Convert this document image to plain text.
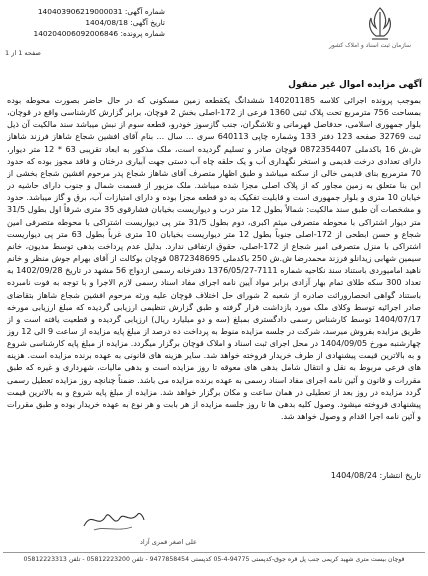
شماره آگهی: 140403906219000031
تاریخ آگهی: 1404/08/18
شماره پرونده: 140204006092006846
صفحه 1 از 1
سازمان ثبت اسناد و املاک کشور
آگهی مزایده اموال غیر منقول
بموجب پرونده اجرائی کلاسه 140201185 ششدانگ یکقطعه زمین مسکونی که در حال حاضر بصورت محوطه بوده بمساحت 756 مترمربع تحت پلاک ثبتی 1360 فرعی از 172-اصلی بخش 2 قوچان، برابر گزارش کارشناسی واقع در قوچان، بلوار جمهوری اسلامی، حدفاصل قهرمانی و تلاشگران، جنب گازسوز خودرو، قطعه سوم از نبش میباشد سند مالکیت آن ذیل ثبت 32769 صفحه 123 دفتر 133 وشماره چاپی 640113 سری ... سال ... بنام آقای افشین شجاع شاهاز فرزند شاهاز ش.ش 16 باکدملی 0872354407 قوچان صادر و تسلیم گردیده است، ملک مذکور به ابعاد تقریبی 63 * 12 متر دیوار، دارای تعدادی درخت قدیمی و استخر نگهداری آب و یک حلقه چاه آب دستی جهت آبیاری درختان و فاقد مجوز بوده که حدود 70 مترمربع بنای قدیمی خالی از سکنه میباشد و طبق اظهار متصرف آقای شاهاز شجاع پدر مرحوم افشین شجاع بخشی از این بنا متعلق به زمین مجاور که از پلاک اصلی مجزا شده میباشد. ملک مزبور از قسمت شمال و جنوب دارای حاشیه در خیابان 10 متری و بلوار جمهوری است و قابلیت تفکیک به دو قطعه مجزا بوده و دارای امتیازات آب، برق و گاز میباشد. حدود و مشخصات آن طبق سند مالکیت: شمالاً بطول 12 متر درب و دیواریست بخیابان فشارقوی 35 متری شرقاً اول بطول 31/5 متر دیوار اشتراکی با محوطه متصرفی میثم اکبری، دوم بطول 31/5 متر پی دیواریست اشتراکی با محوطه متصرفی امین شجاع و حسن ابطحی از 172-اصلی جنوباً بطول 12 متر دیواریست بخیابان 10 متری غرباً بطول 63 متر پی دیواریست اشتراکی با منزل متصرفی امیر شجاع از 172-اصلی، حقوق ارتفاقی ندارد. بدلیل عدم پرداخت بدهی توسط مدیون، خانم سیمین شهابی زیدانلو فرزند محمدرضا ش.ش 250 باکدملی 0872348695 قوچان بوکالت از آقای بهرام جوش منظر و خانم ناهید امامیوردی باستناد سند نکاحیه شماره 7111-1376/05/27 دفترخانه رسمی ازدواج 56 مشهد در تاریخ 1402/09/28 به تعداد 300 سکه طلای تمام بهار آزادی برابر مواد آیین نامه اجرای مفاد اسناد رسمی لازم الاجرا و با توجه به فوت نامبرده باستناد گواهی انحصاروراثت صادره از شعبه 2 شورای حل اختلاف قوچان علیه ورثه مرحوم افشین شجاع شاهاز بتقاضای صادر اجرائیه توسط وکلای ملک مورد بازداشت قرار گرفته و طبق گزارش تنظیمی ارزیابی گردیده که مبلغ ارزیابی مورخه 1404/07/17 توسط کارشناس رسمی دادگستری بمبلغ (سه و دو میلیارد ریال) ارزیابی گردیده و قطعیت یافته است و از طریق مزایده بفروش میرسد، شرکت در جلسه مزایده منوط به پرداخت ده درصد از مبلغ پایه مزایده از ساعت 9 الی 12 روز چهارشنبه مورخ 1404/09/05 در محل اجرای ثبت اسناد و املاک قوچان برگزار میگردد. مزایده از مبلغ پایه کارشناسی شروع و به بالاترین قیمت پیشنهادی از طرف خریدار فروخته خواهد شد. سایر هزینه های قانونی به عهده برنده مزایده است. هزینه های فرعی مربوط به نقل و انتقال شامل بدهی های معوقه تا روز مزایده است و بدهی مالیات، شهرداری و غیره که طبق مقررات و قانون و آئین نامه اجرای مفاد اسناد رسمی به عهده برنده مزایده می باشد. ضمناً چنانچه روز مزایده تعطیل رسمی گردد مزایده در روز بعد از تعطیلی در همان ساعت و مکان برگزار خواهد شد. مزایده از مبلغ پایه شروع و به بالاترین قیمت پیشنهادی فروخته میشود. وصول کلیه بدهی ها تا روز جلسه مزایده از هر بابت و هر نوع به عهده خریدار بوده و طبق مقررات و آئین نامه اجرا اقدام و وصول خواهد شد.
تاریخ انتشار: 1404/08/24
علی اصغر قمری آزاد
قوچان بیست متری شهید کریمی جنب پل قره جوق-کدپستی 94775-4-05 کدپستی 9477858454 - تلفن 05812223200 - تلفن 05812223313
